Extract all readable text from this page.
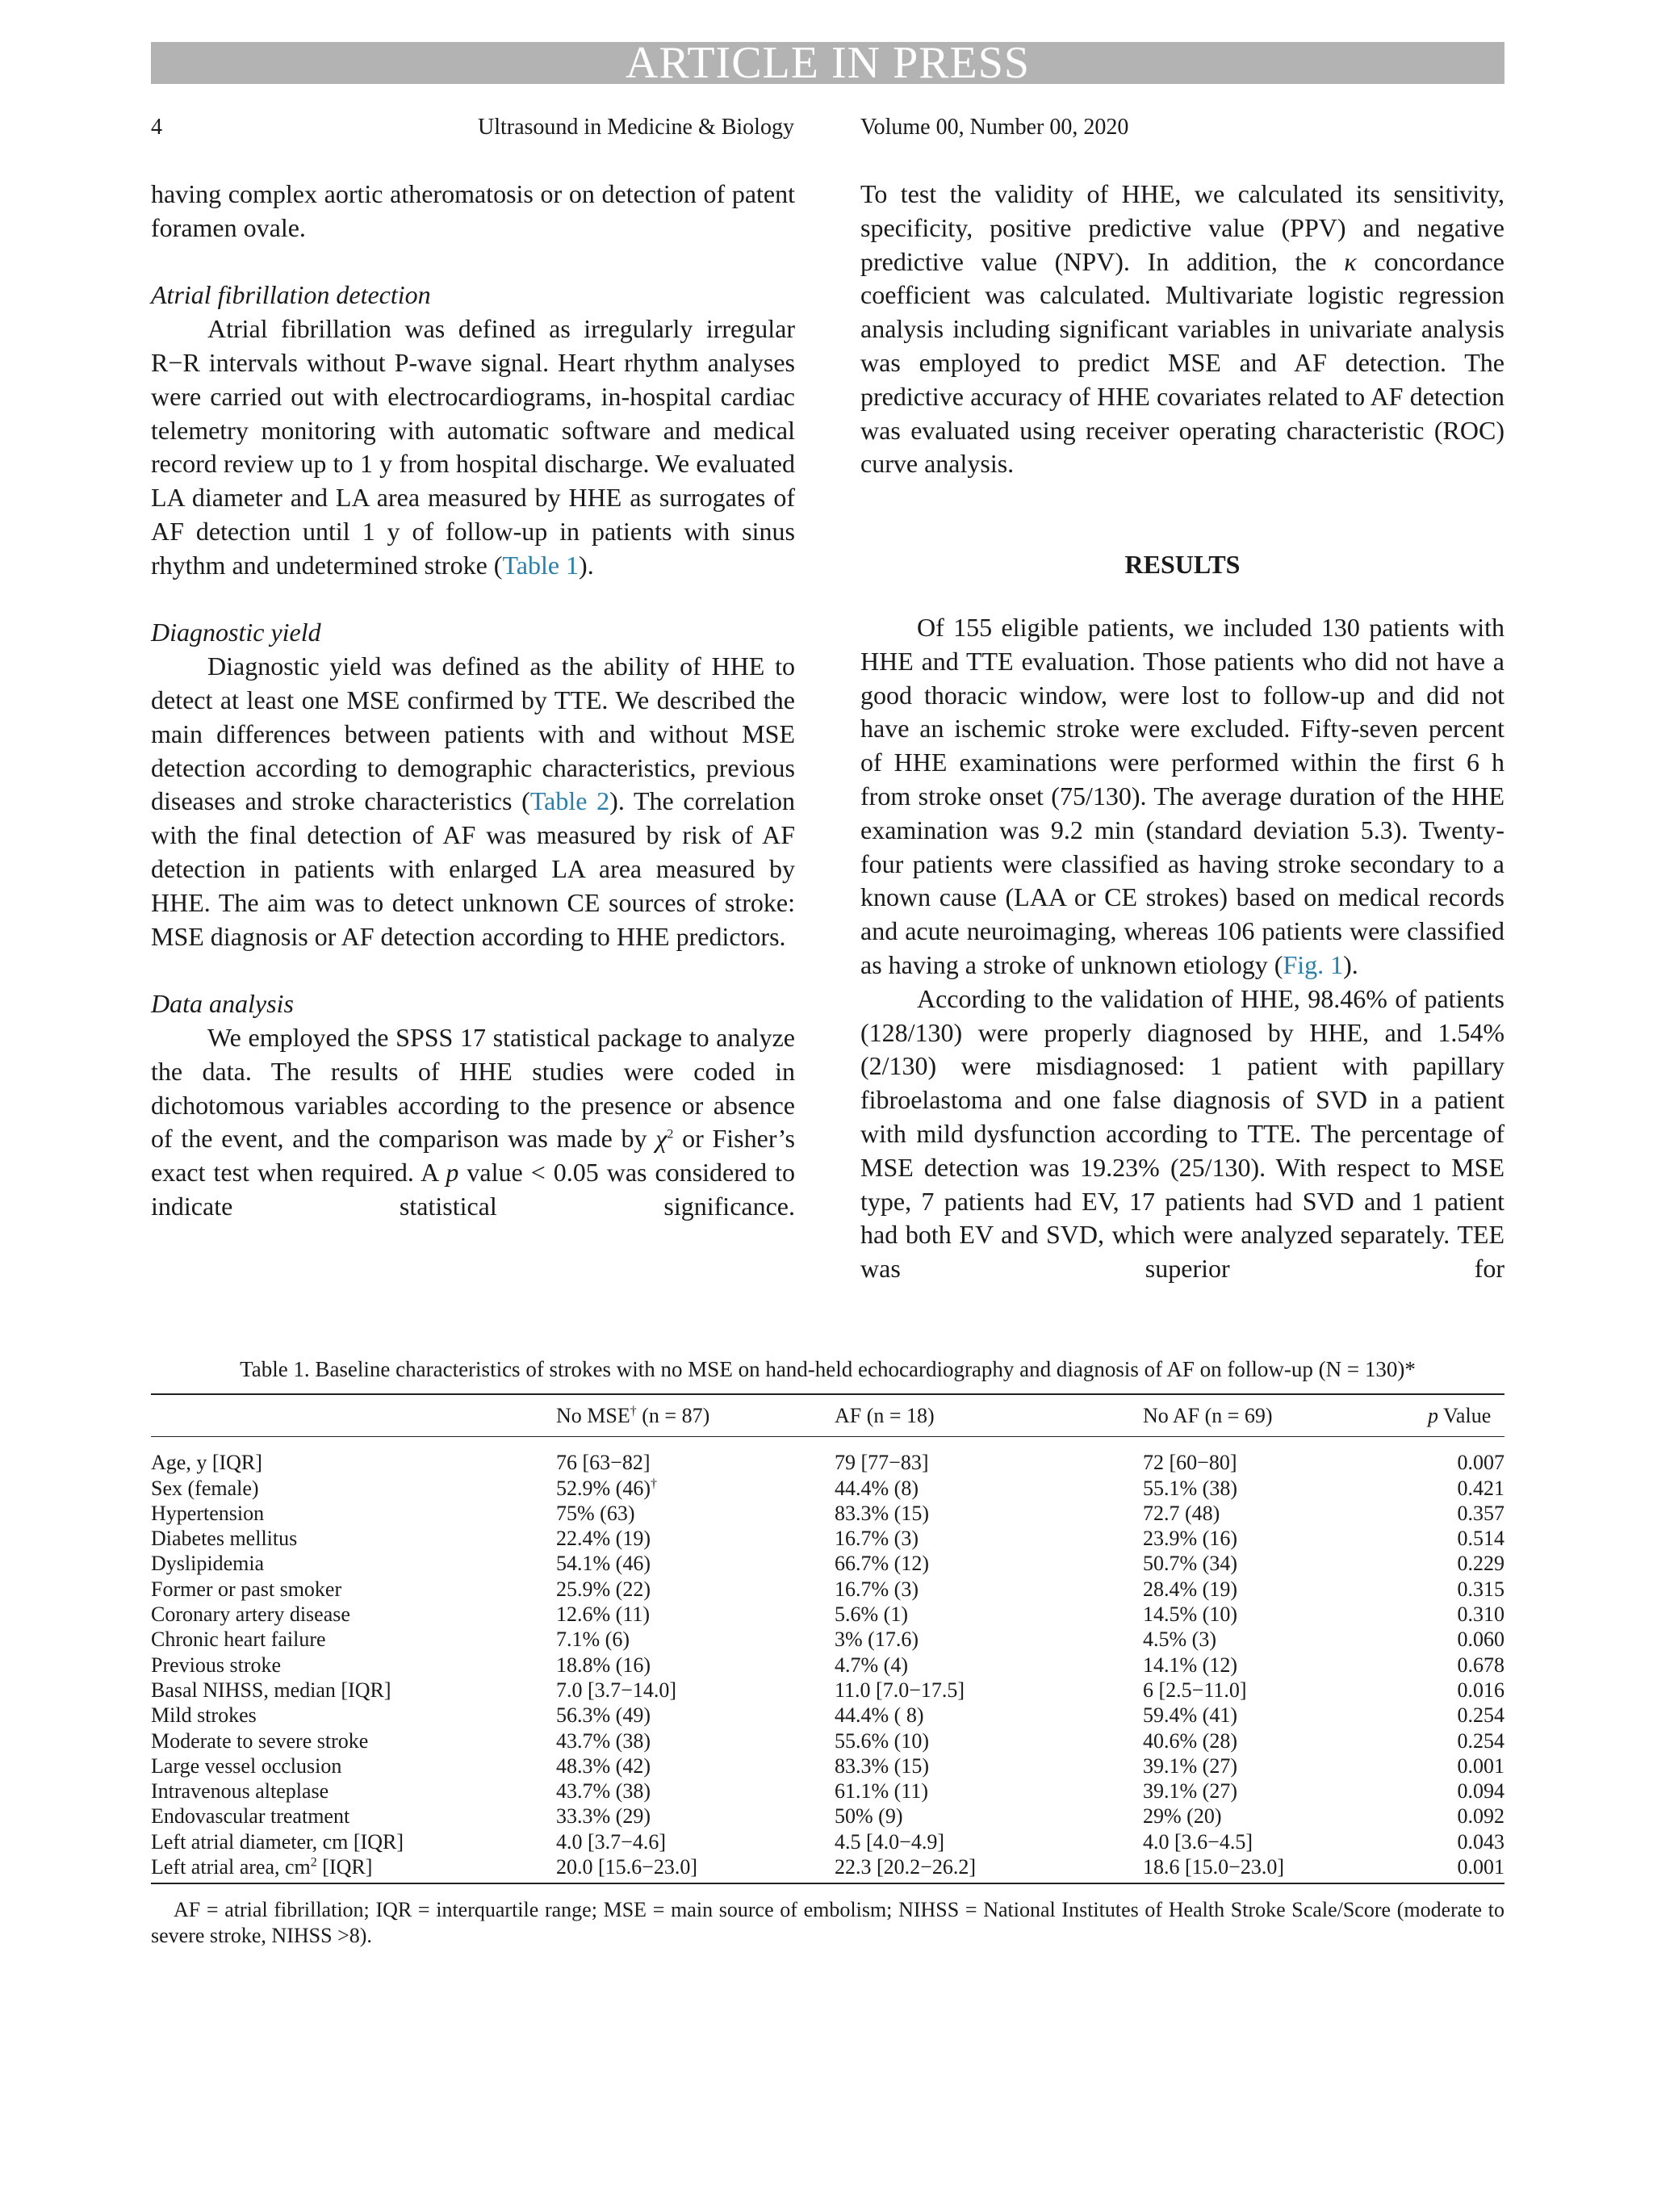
ARTICLE IN PRESS
4	Ultrasound in Medicine & Biology	Volume 00, Number 00, 2020

having complex aortic atheromatosis or on detection of patent foramen ovale.

Atrial fibrillation detection

Atrial fibrillation was defined as irregularly irregular R−R intervals without P-wave signal. Heart rhythm analyses were carried out with electrocardiograms, in-hospital cardiac telemetry monitoring with automatic software and medical record review up to 1 y from hospital discharge. We evaluated LA diameter and LA area measured by HHE as surrogates of AF detection until 1 y of follow-up in patients with sinus rhythm and undetermined stroke (Table 1).

Diagnostic yield

Diagnostic yield was defined as the ability of HHE to detect at least one MSE confirmed by TTE. We described the main differences between patients with and without MSE detection according to demographic characteristics, previous diseases and stroke characteristics (Table 2). The correlation with the final detection of AF was measured by risk of AF detection in patients with enlarged LA area measured by HHE. The aim was to detect unknown CE sources of stroke: MSE diagnosis or AF detection according to HHE predictors.

Data analysis

We employed the SPSS 17 statistical package to analyze the data. The results of HHE studies were coded in dichotomous variables according to the presence or absence of the event, and the comparison was made by $\chi^2$ or Fisher’s exact test when required. A p value < 0.05 was considered to indicate statistical significance.

To test the validity of HHE, we calculated its sensitivity, specificity, positive predictive value (PPV) and negative predictive value (NPV). In addition, the κ concordance coefficient was calculated. Multivariate logistic regression analysis including significant variables in univariate analysis was employed to predict MSE and AF detection. The predictive accuracy of HHE covariates related to AF detection was evaluated using receiver operating characteristic (ROC) curve analysis.

RESULTS

Of 155 eligible patients, we included 130 patients with HHE and TTE evaluation. Those patients who did not have a good thoracic window, were lost to follow-up and did not have an ischemic stroke were excluded. Fifty-seven percent of HHE examinations were performed within the first 6 h from stroke onset (75/130). The average duration of the HHE examination was 9.2 min (standard deviation 5.3). Twenty-four patients were classified as having stroke secondary to a known cause (LAA or CE strokes) based on medical records and acute neuroimaging, whereas 106 patients were classified as having a stroke of unknown etiology (Fig. 1).

According to the validation of HHE, 98.46% of patients (128/130) were properly diagnosed by HHE, and 1.54% (2/130) were misdiagnosed: 1 patient with papillary fibroelastoma and one false diagnosis of SVD in a patient with mild dysfunction according to TTE. The percentage of MSE detection was 19.23% (25/130). With respect to MSE type, 7 patients had EV, 17 patients had SVD and 1 patient had both EV and SVD, which were analyzed separately. TEE was superior for

Table 1. Baseline characteristics of strokes with no MSE on hand-held echocardiography and diagnosis of AF on follow-up (N = 130)*
	No MSE† (n = 87)	AF (n = 18)	No AF (n = 69)	p Value
Age, y [IQR]	76 [63−82]	79 [77−83]	72 [60−80]	0.007
Sex (female)	52.9% (46)†	44.4% (8)	55.1% (38)	0.421
Hypertension	75% (63)	83.3% (15)	72.7 (48)	0.357
Diabetes mellitus	22.4% (19)	16.7% (3)	23.9% (16)	0.514
Dyslipidemia	54.1% (46)	66.7% (12)	50.7% (34)	0.229
Former or past smoker	25.9% (22)	16.7% (3)	28.4% (19)	0.315
Coronary artery disease	12.6% (11)	5.6% (1)	14.5% (10)	0.310
Chronic heart failure	7.1% (6)	3% (17.6)	4.5% (3)	0.060
Previous stroke	18.8% (16)	4.7% (4)	14.1% (12)	0.678
Basal NIHSS, median [IQR]	7.0 [3.7−14.0]	11.0 [7.0−17.5]	6 [2.5−11.0]	0.016
Mild strokes	56.3% (49)	44.4% ( 8)	59.4% (41)	0.254
Moderate to severe stroke	43.7% (38)	55.6% (10)	40.6% (28)	0.254
Large vessel occlusion	48.3% (42)	83.3% (15)	39.1% (27)	0.001
Intravenous alteplase	43.7% (38)	61.1% (11)	39.1% (27)	0.094
Endovascular treatment	33.3% (29)	50% (9)	29% (20)	0.092
Left atrial diameter, cm [IQR]	4.0 [3.7−4.6]	4.5 [4.0−4.9]	4.0 [3.6−4.5]	0.043
Left atrial area, $cm^2$ [IQR]	20.0 [15.6−23.0]	22.3 [20.2−26.2]	18.6 [15.0−23.0]	0.001
AF = atrial fibrillation; IQR = interquartile range; MSE = main source of embolism; NIHSS = National Institutes of Health Stroke Scale/Score (moderate to severe stroke, NIHSS >8).
